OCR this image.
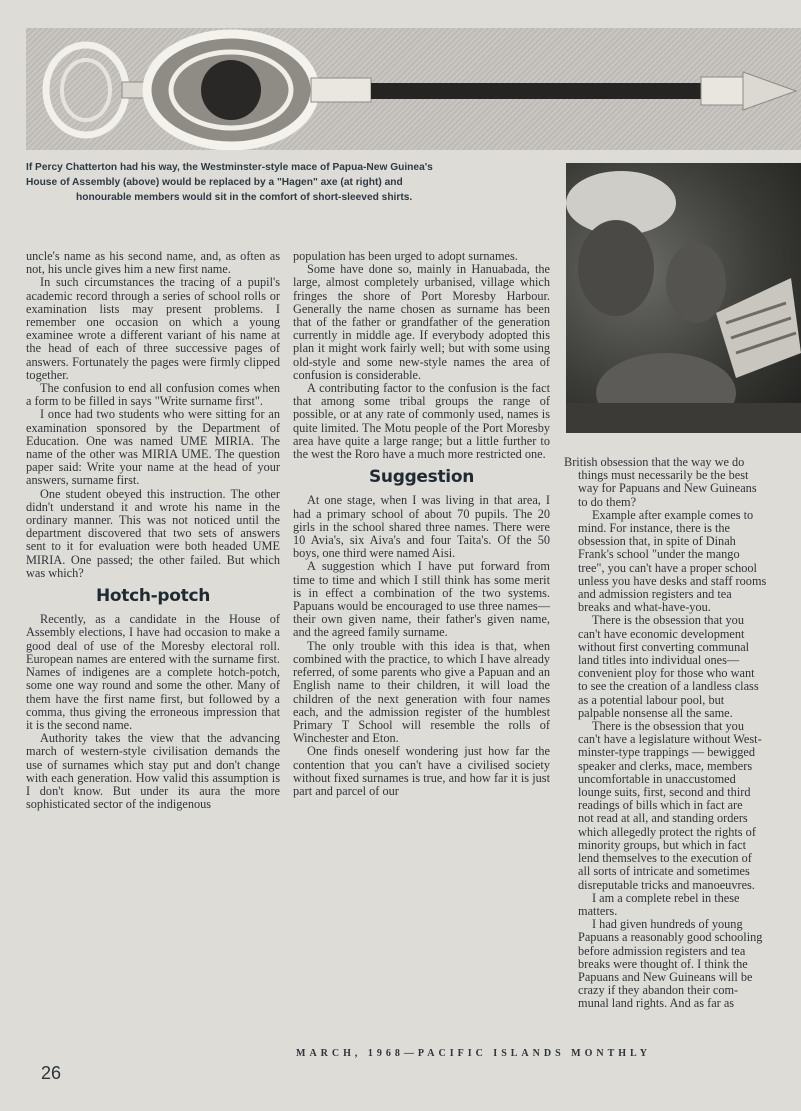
If Percy Chatterton had his way, the Westminster-style mace of Papua-New Guinea's
House of Assembly (above) would be replaced by a "Hagen" axe (at right) and
honourable members would sit in the comfort of short-sleeved shirts.

uncle's name as his second name, and, as often as not, his uncle gives him a new first name.

In such circumstances the tracing of a pupil's academic record through a series of school rolls or examination lists may present problems. I remember one occasion on which a young examinee wrote a different variant of his name at the head of each of three successive pages of answers. Fortunately the pages were firmly clipped together.

The confusion to end all confusion comes when a form to be filled in says "Write surname first".

I once had two students who were sitting for an examination sponsored by the Department of Education. One was named UME MIRIA. The name of the other was MIRIA UME. The question paper said: Write your name at the head of your answers, surname first.

One student obeyed this instruction. The other didn't understand it and wrote his name in the ordinary manner. This was not noticed until the department discovered that two sets of answers sent to it for evaluation were both headed UME MIRIA. One passed; the other failed. But which was which?

Hotch-potch

Recently, as a candidate in the House of Assembly elections, I have had occasion to make a good deal of use of the Moresby electoral roll. European names are entered with the surname first. Names of indigenes are a complete hotch-potch, some one way round and some the other. Many of them have the first name first, but followed by a comma, thus giving the erroneous impression that it is the second name.

Authority takes the view that the advancing march of western-style civilisation demands the use of surnames which stay put and don't change with each generation. How valid this assumption is I don't know. But under its aura the more sophisticated sector of the indigenous

population has been urged to adopt surnames.

Some have done so, mainly in Hanuabada, the large, almost completely urbanised, village which fringes the shore of Port Moresby Harbour. Generally the name chosen as surname has been that of the father or grandfather of the generation currently in middle age. If everybody adopted this plan it might work fairly well; but with some using old-style and some new-style names the area of confusion is considerable.

A contributing factor to the confusion is the fact that among some tribal groups the range of possible, or at any rate of commonly used, names is quite limited. The Motu people of the Port Moresby area have quite a large range; but a little further to the west the Roro have a much more restricted one.

Suggestion

At one stage, when I was living in that area, I had a primary school of about 70 pupils. The 20 girls in the school shared three names. There were 10 Avia's, six Aiva's and four Taita's. Of the 50 boys, one third were named Aisi.

A suggestion which I have put forward from time to time and which I still think has some merit is in effect a combination of the two systems. Papuans would be encouraged to use three names—their own given name, their father's given name, and the agreed family surname.

The only trouble with this idea is that, when combined with the practice, to which I have already referred, of some parents who give a Papuan and an English name to their children, it will load the children of the next generation with four names each, and the admission register of the humblest Primary T School will resemble the rolls of Winchester and Eton.

One finds oneself wondering just how far the contention that you can't have a civilised society without fixed surnames is true, and how far it is just part and parcel of our

British obsession that the way we do

things must necessarily be the best

way for Papuans and New Guineans

to do them?

Example after example comes to

mind. For instance, there is the

obsession that, in spite of Dinah

Frank's school "under the mango

tree", you can't have a proper school

unless you have desks and staff rooms

and admission registers and tea

breaks and what-have-you.

There is the obsession that you

can't have economic development

without first converting communal

land titles into individual ones—

convenient ploy for those who want

to see the creation of a landless class

as a potential labour pool, but

palpable nonsense all the same.

There is the obsession that you

can't have a legislature without West-

minster-type trappings — bewigged

speaker and clerks, mace, members

uncomfortable in unaccustomed

lounge suits, first, second and third

readings of bills which in fact are

not read at all, and standing orders

which allegedly protect the rights of

minority groups, but which in fact

lend themselves to the execution of

all sorts of intricate and sometimes

disreputable tricks and manoeuvres.

I am a complete rebel in these

matters.

I had given hundreds of young

Papuans a reasonably good schooling

before admission registers and tea

breaks were thought of. I think the

Papuans and New Guineans will be

crazy if they abandon their com-

munal land rights. And as far as

MARCH, 1968—PACIFIC ISLANDS MONTHLY
26
